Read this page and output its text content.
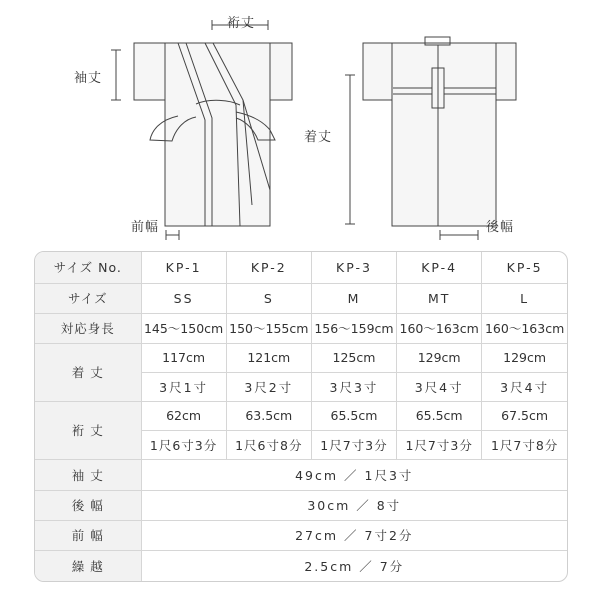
裄丈
袖丈
着丈
前幅	後幅
サイズ No.	KP-1	KP-2	KP-3	KP-4	KP-5
サイズ	SS	S	M	MT	L
対応身長	145～150cm	150～155cm	156～159cm	160～163cm	160～163cm
着 丈	117cm	121cm	125cm	129cm	129cm
	3尺1寸	3尺2寸	3尺3寸	3尺4寸	3尺4寸
裄 丈	62cm	63.5cm	65.5cm	65.5cm	67.5cm
	1尺6寸3分	1尺6寸8分	1尺7寸3分	1尺7寸3分	1尺7寸8分
袖 丈	49cm ／ 1尺3寸				
後 幅	30cm ／ 8寸				
前 幅	27cm ／ 7寸2分				
繰 越	2.5cm ／ 7分				
